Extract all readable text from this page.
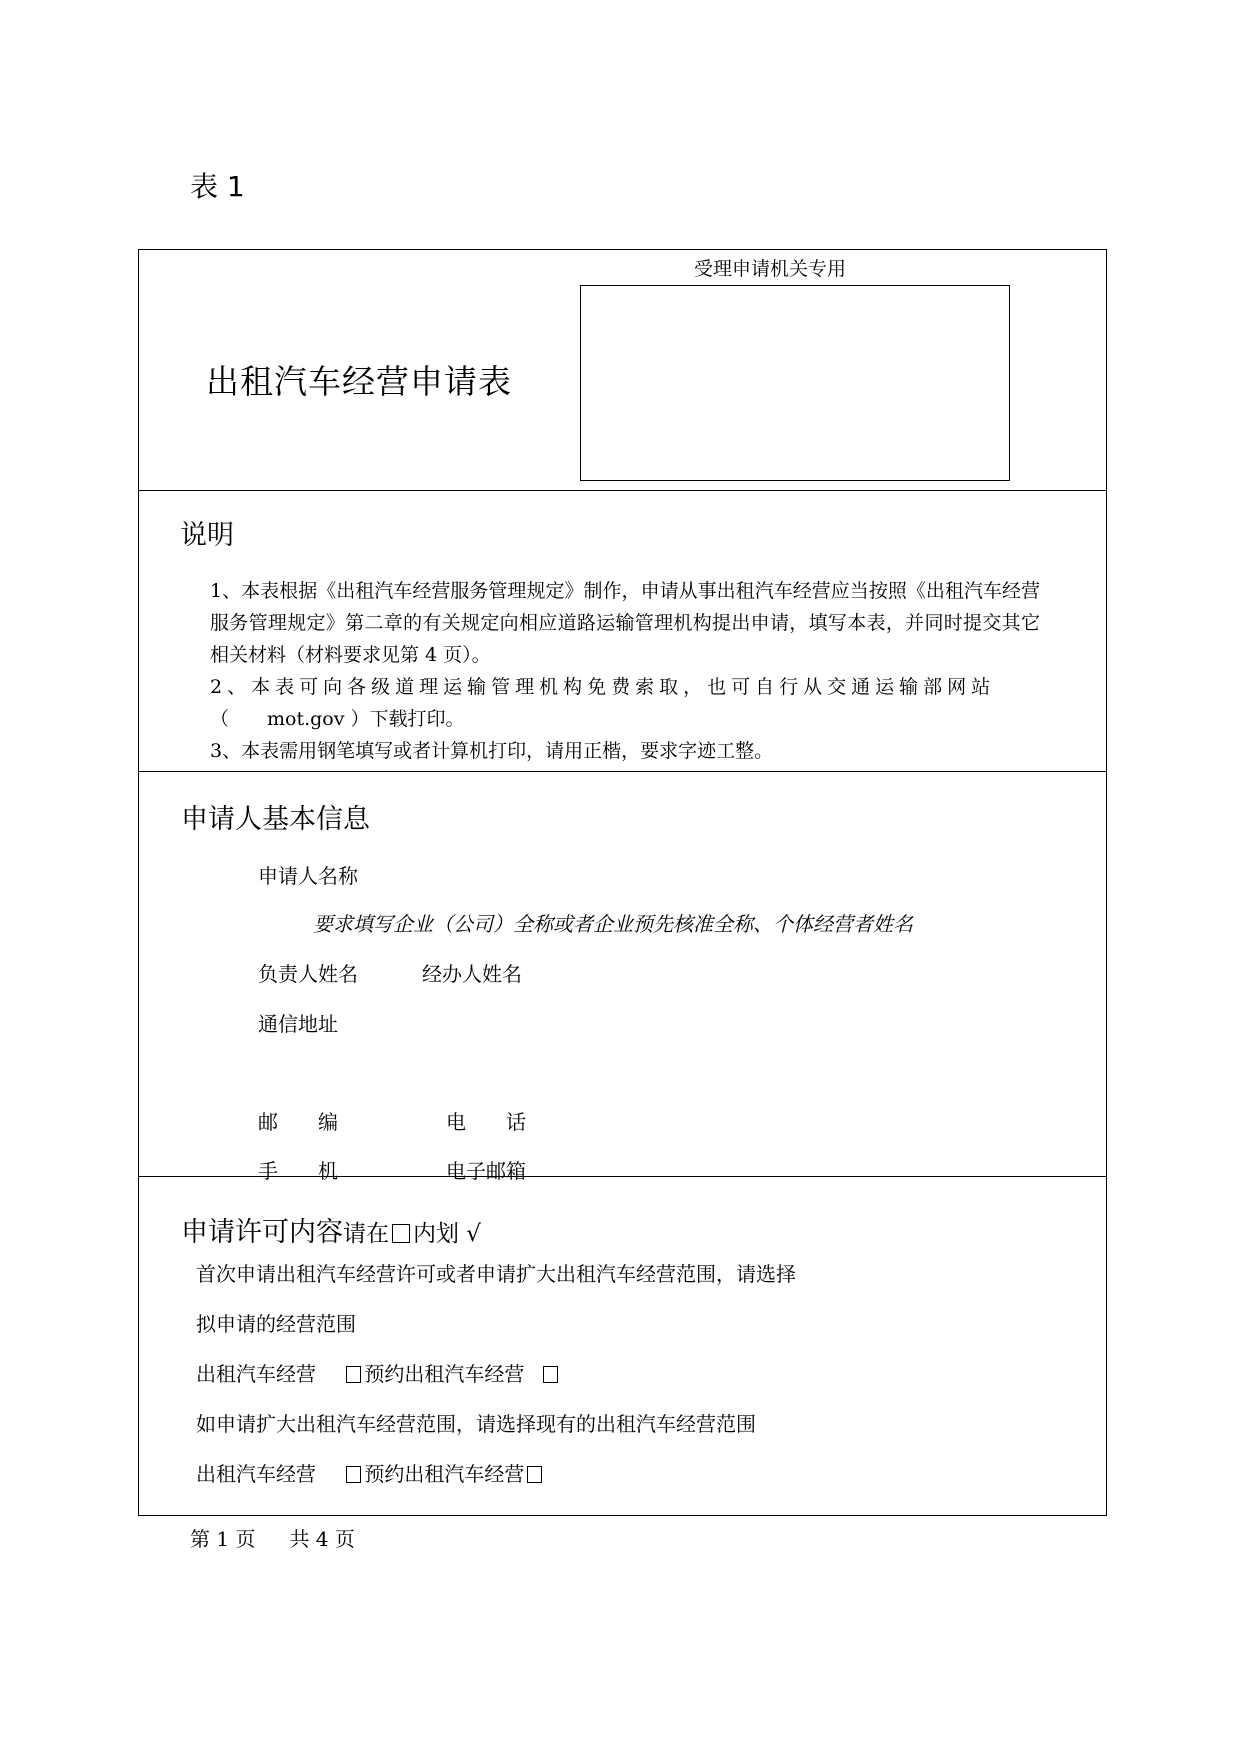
表 1
受理申请机关专用
出租汽车经营申请表
说明
1、本表根据《出租汽车经营服务管理规定》制作，申请从事出租汽车经营应当按照《出租汽车经营服务管理规定》第二章的有关规定向相应道路运输管理机构提出申请，填写本表，并同时提交其它相关材料（材料要求见第 4 页）。
2、本表可向各级道理运输管理机构免费索取，也可自行从交通运输部网站
（　　mot.gov ）下载打印。
3、本表需用钢笔填写或者计算机打印，请用正楷，要求字迹工整。
申请人基本信息
申请人名称
要求填写企业（公司）全称或者企业预先核准全称、个体经营者姓名
负责人姓名	经办人姓名
通信地址
邮　　编	电　　话
手　　机	电子邮箱
申请许可内容请在 内划 √
首次申请出租汽车经营许可或者申请扩大出租汽车经营范围，请选择
拟申请的经营范围
出租汽车经营 预约出租汽车经营
如申请扩大出租汽车经营范围，请选择现有的出租汽车经营范围
出租汽车经营 预约出租汽车经营
第 1 页 共 4 页
